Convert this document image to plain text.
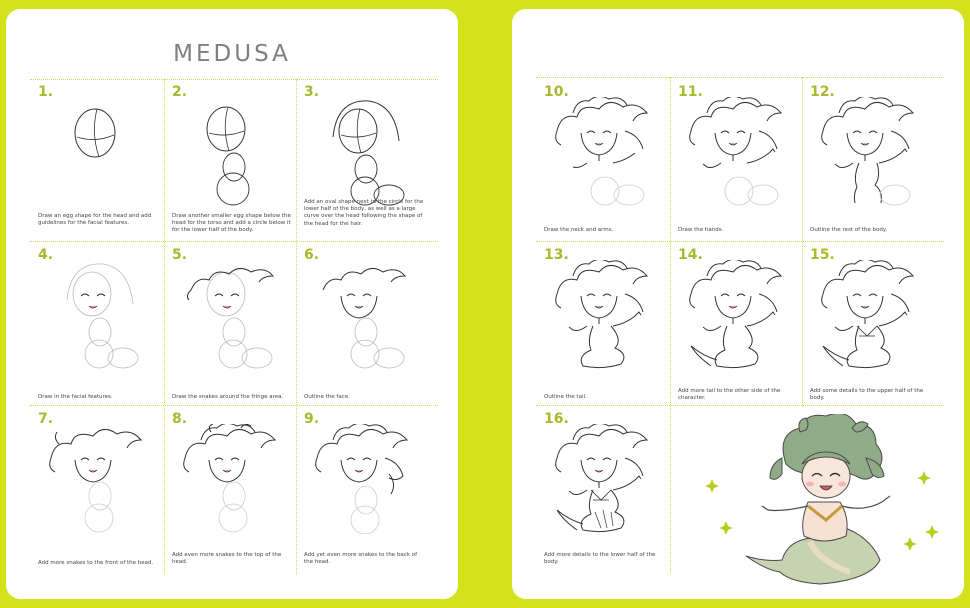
MEDUSA
1.
Draw an egg shape for the head and add guidelines for the facial features.
2.
Draw another smaller egg shape below the head for the torso and add a circle below it for the lower half of the body.
3.
Add an oval shape next to the circle for the lower half of the body, as well as a large curve over the head following the shape of the head for the hair.
4.
Draw in the facial features.
5.
Draw the snakes around the fringe area.
6.
Outline the face.
7.
Add more snakes to the front of the head.
8.
Add even more snakes to the top of the head.
9.
Add yet even more snakes to the back of the head.
10.
Draw the neck and arms.
11.
Draw the hands.
12.
Outline the rest of the body.
13.
Outline the tail.
14.
Add more tail to the other side of the character.
15.
Add some details to the upper half of the body.
16.
Add more details to the lower half of the body.
